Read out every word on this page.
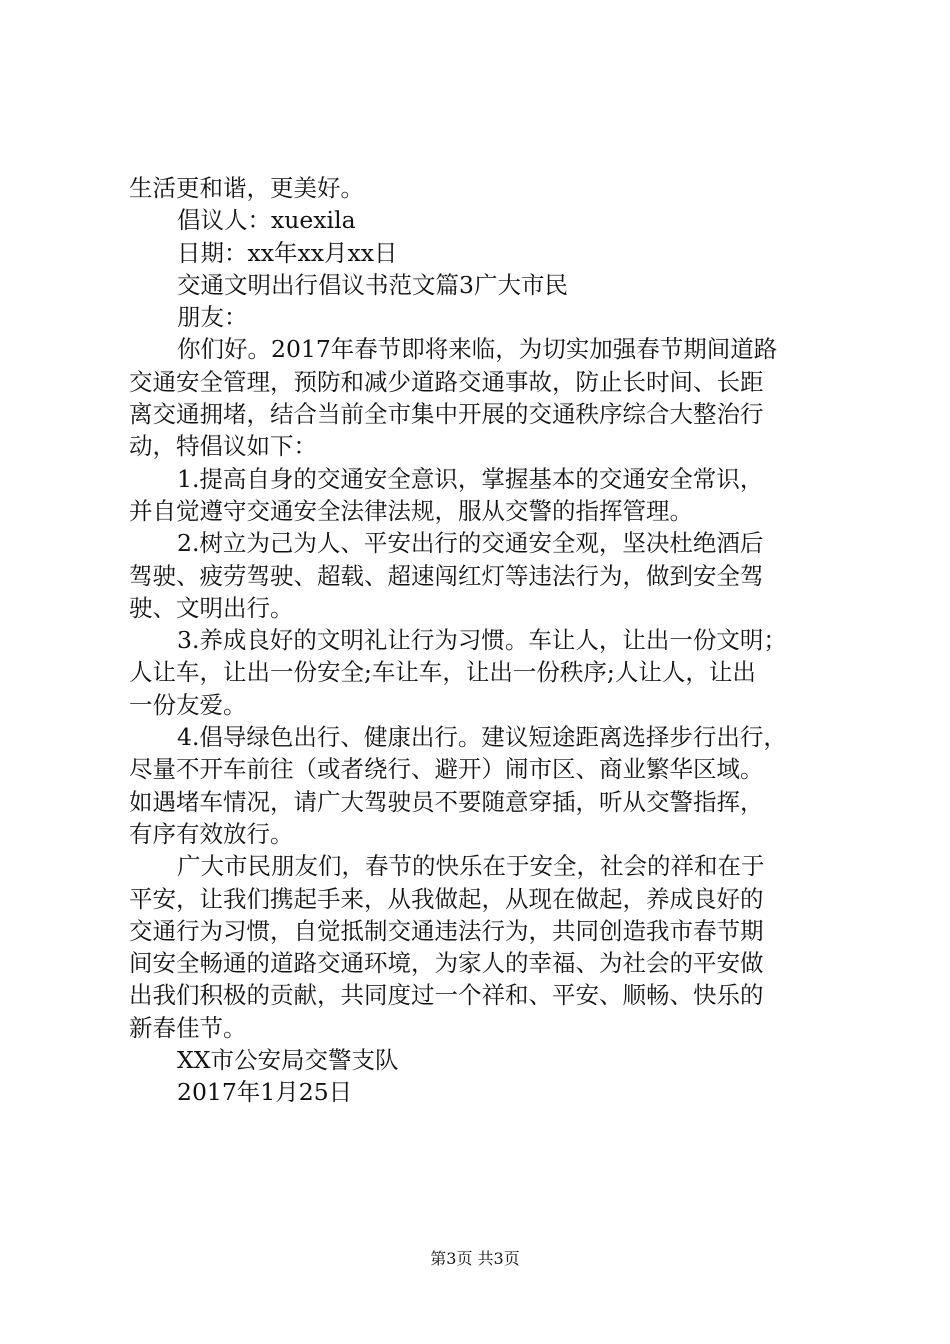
生活更和谐，更美好。
倡议人：xuexila
日期：xx年xx月xx日
交通文明出行倡议书范文篇3广大市民
朋友：
你们好。2017年春节即将来临，为切实加强春节期间道路
交通安全管理，预防和减少道路交通事故，防止长时间、长距
离交通拥堵，结合当前全市集中开展的交通秩序综合大整治行
动，特倡议如下：
1.提高自身的交通安全意识，掌握基本的交通安全常识，
并自觉遵守交通安全法律法规，服从交警的指挥管理。
2.树立为己为人、平安出行的交通安全观，坚决杜绝酒后
驾驶、疲劳驾驶、超载、超速闯红灯等违法行为，做到安全驾
驶、文明出行。
3.养成良好的文明礼让行为习惯。车让人，让出一份文明；
人让车，让出一份安全;车让车，让出一份秩序;人让人，让出
一份友爱。
4.倡导绿色出行、健康出行。建议短途距离选择步行出行，
尽量不开车前往（或者绕行、避开）闹市区、商业繁华区域。
如遇堵车情况，请广大驾驶员不要随意穿插，听从交警指挥，
有序有效放行。
广大市民朋友们，春节的快乐在于安全，社会的祥和在于
平安，让我们携起手来，从我做起，从现在做起，养成良好的
交通行为习惯，自觉抵制交通违法行为，共同创造我市春节期
间安全畅通的道路交通环境，为家人的幸福、为社会的平安做
出我们积极的贡献，共同度过一个祥和、平安、顺畅、快乐的
新春佳节。
XX市公安局交警支队
2017年1月25日
第3页 共3页
